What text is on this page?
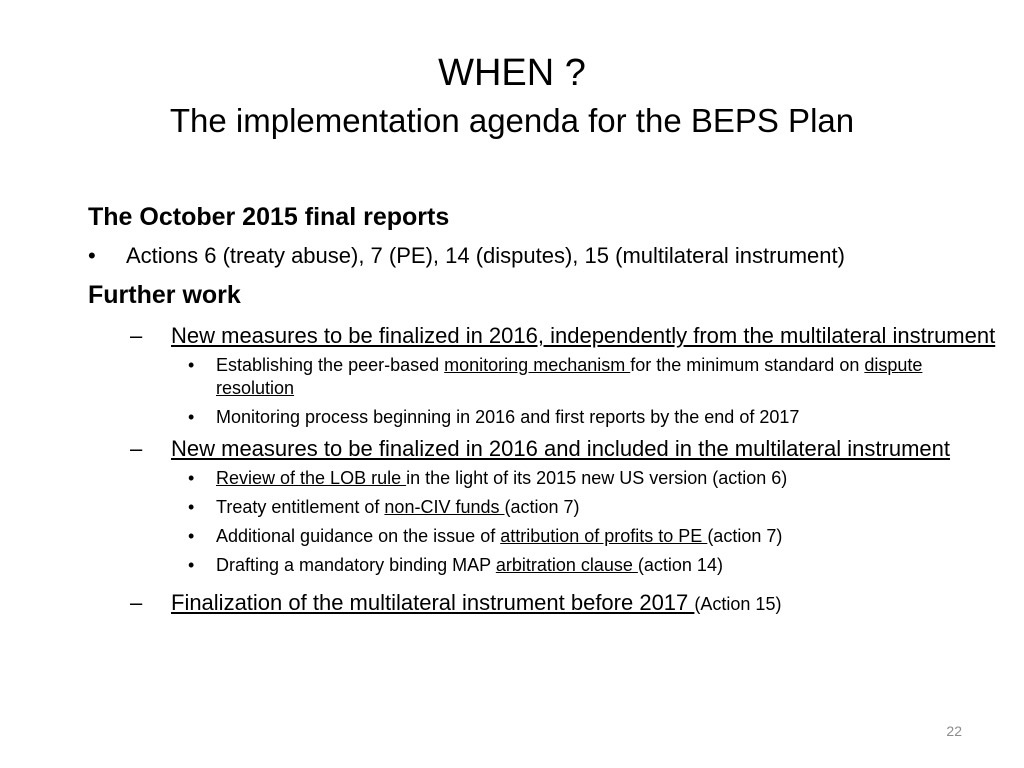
WHEN ?
The implementation agenda for the BEPS Plan
The October 2015 final reports
• Actions 6 (treaty abuse), 7 (PE), 14 (disputes), 15 (multilateral instrument)
Further work
– New measures to be finalized in 2016, independently from the multilateral instrument
• Establishing the peer-based monitoring mechanism for the minimum standard on dispute resolution
• Monitoring process beginning in 2016 and first reports by the end of 2017
– New measures to be finalized in 2016 and included in the multilateral instrument
• Review of the LOB rule in the light of its 2015 new US version (action 6)
• Treaty entitlement of non-CIV funds (action 7)
• Additional guidance on the issue of attribution of profits to PE (action 7)
• Drafting a mandatory binding MAP arbitration clause (action 14)
– Finalization of the multilateral instrument before 2017 (Action 15)
22
